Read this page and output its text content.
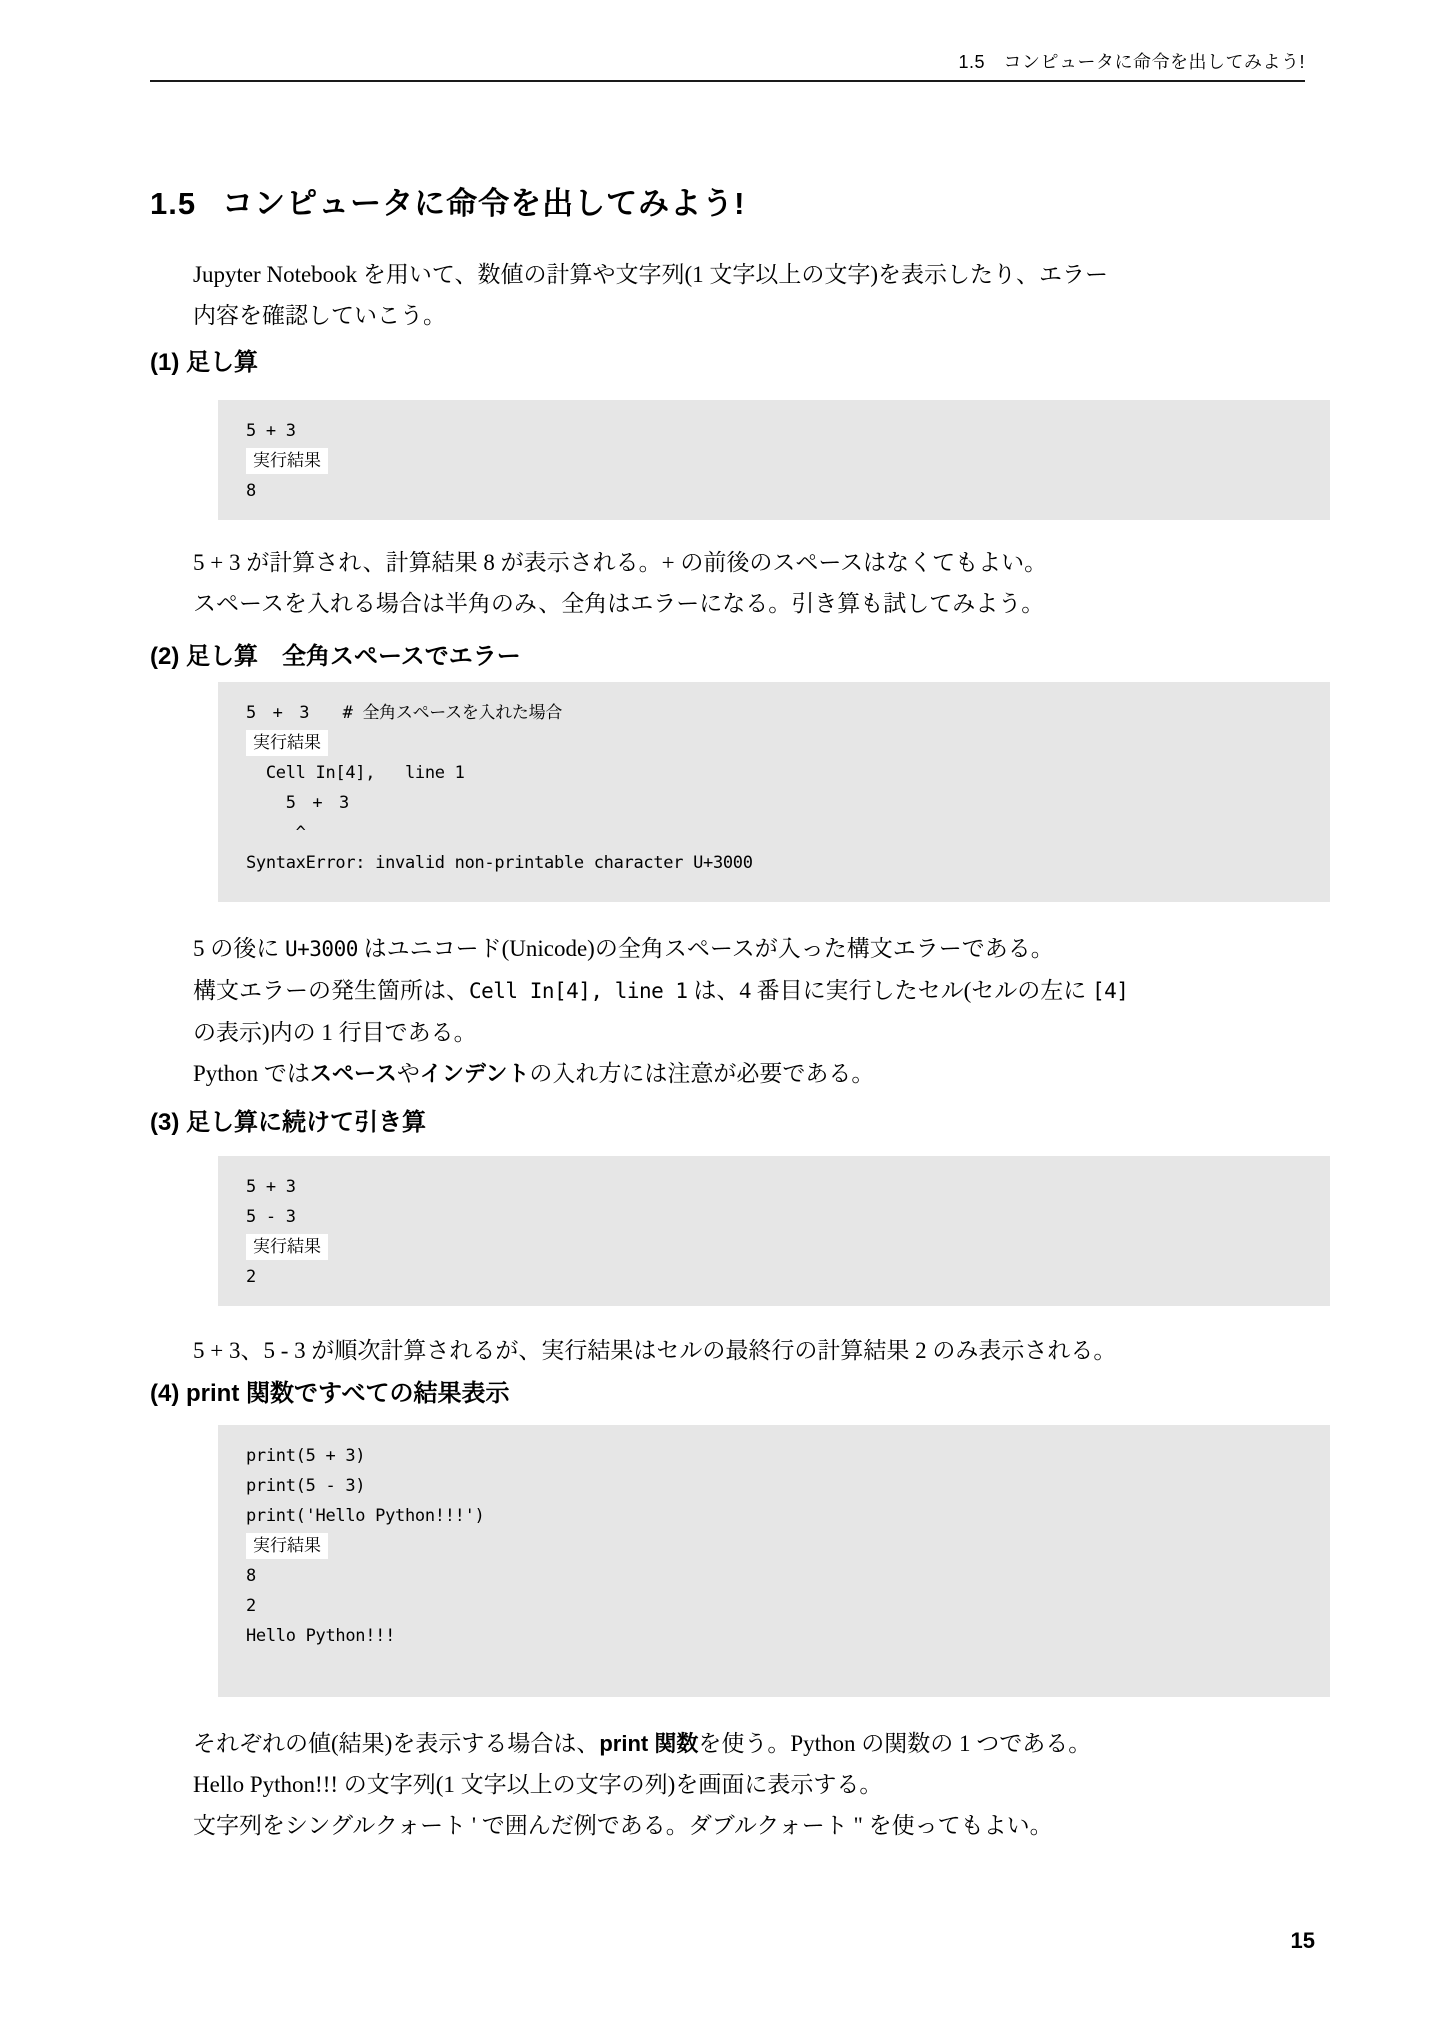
1.5　コンピュータに命令を出してみよう!
1.5 コンピュータに命令を出してみよう!
Jupyter Notebook を用いて、数値の計算や文字列(1 文字以上の文字)を表示したり、エラー
内容を確認していこう。
(1) 足し算
5 + 3
実行結果
8
5 + 3 が計算され、計算結果 8 が表示される。+ の前後のスペースはなくてもよい。
スペースを入れる場合は半角のみ、全角はエラーになる。引き算も試してみよう。
(2) 足し算　全角スペースでエラー
5　+　3　　# 全角スペースを入れた場合
実行結果
Cell In[4],   line 1
5　+　3
^
SyntaxError: invalid non-printable character U+3000
5 の後に U+3000 はユニコード(Unicode)の全角スペースが入った構文エラーである。
構文エラーの発生箇所は、Cell In[4], line 1 は、4 番目に実行したセル(セルの左に [4]
の表示)内の 1 行目である。
Python ではスペースやインデントの入れ方には注意が必要である。
(3) 足し算に続けて引き算
5 + 3
5 - 3
実行結果
2
5 + 3、5 - 3 が順次計算されるが、実行結果はセルの最終行の計算結果 2 のみ表示される。
(4) print 関数ですべての結果表示
print(5 + 3)
print(5 - 3)
print('Hello Python!!!')
実行結果
8
2
Hello Python!!!
それぞれの値(結果)を表示する場合は、print 関数を使う。Python の関数の 1 つである。
Hello Python!!! の文字列(1 文字以上の文字の列)を画面に表示する。
文字列をシングルクォート ' で囲んだ例である。ダブルクォート " を使ってもよい。
15
